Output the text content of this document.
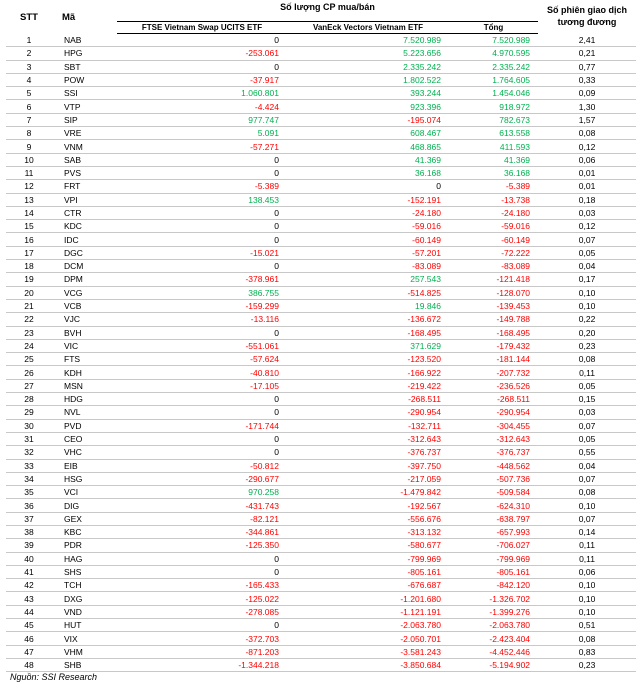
STT	Mã	Số lượng CP mua/bán			Số phiên giao dịch tương đương
		FTSE Vietnam Swap UCITS ETF	VanEck Vectors Vietnam ETF	Tổng	
1	NAB	0	7.520.989	7.520.989	2,41
2	HPG	-253.061	5.223.656	4.970.595	0,21
3	SBT	0	2.335.242	2.335.242	0,77
4	POW	-37.917	1.802.522	1.764.605	0,33
5	SSI	1.060.801	393.244	1.454.046	0,09
6	VTP	-4.424	923.396	918.972	1,30
7	SIP	977.747	-195.074	782.673	1,57
8	VRE	5.091	608.467	613.558	0,08
9	VNM	-57.271	468.865	411.593	0,12
10	SAB	0	41.369	41.369	0,06
11	PVS	0	36.168	36.168	0,01
12	FRT	-5.389	0	-5.389	0,01
13	VPI	138.453	-152.191	-13.738	0,18
14	CTR	0	-24.180	-24.180	0,03
15	KDC	0	-59.016	-59.016	0,12
16	IDC	0	-60.149	-60.149	0,07
17	DGC	-15.021	-57.201	-72.222	0,05
18	DCM	0	-83.089	-83.089	0,04
19	DPM	-378.961	257.543	-121.418	0,17
20	VCG	386.755	-514.825	-128.070	0,10
21	VCB	-159.299	19.846	-139.453	0,10
22	VJC	-13.116	-136.672	-149.788	0,22
23	BVH	0	-168.495	-168.495	0,20
24	VIC	-551.061	371.629	-179.432	0,23
25	FTS	-57.624	-123.520	-181.144	0,08
26	KDH	-40.810	-166.922	-207.732	0,11
27	MSN	-17.105	-219.422	-236.526	0,05
28	HDG	0	-268.511	-268.511	0,15
29	NVL	0	-290.954	-290.954	0,03
30	PVD	-171.744	-132.711	-304.455	0,07
31	CEO	0	-312.643	-312.643	0,05
32	VHC	0	-376.737	-376.737	0,55
33	EIB	-50.812	-397.750	-448.562	0,04
34	HSG	-290.677	-217.059	-507.736	0,07
35	VCI	970.258	-1.479.842	-509.584	0,08
36	DIG	-431.743	-192.567	-624.310	0,10
37	GEX	-82.121	-556.676	-638.797	0,07
38	KBC	-344.861	-313.132	-657.993	0,14
39	PDR	-125.350	-580.677	-706.027	0,11
40	HAG	0	-799.969	-799.969	0,11
41	SHS	0	-805.161	-805.161	0,06
42	TCH	-165.433	-676.687	-842.120	0,10
43	DXG	-125.022	-1.201.680	-1.326.702	0,10
44	VND	-278.085	-1.121.191	-1.399.276	0,10
45	HUT	0	-2.063.780	-2.063.780	0,51
46	VIX	-372.703	-2.050.701	-2.423.404	0,08
47	VHM	-871.203	-3.581.243	-4.452.446	0,83
48	SHB	-1.344.218	-3.850.684	-5.194.902	0,23
Nguồn: SSI Research
